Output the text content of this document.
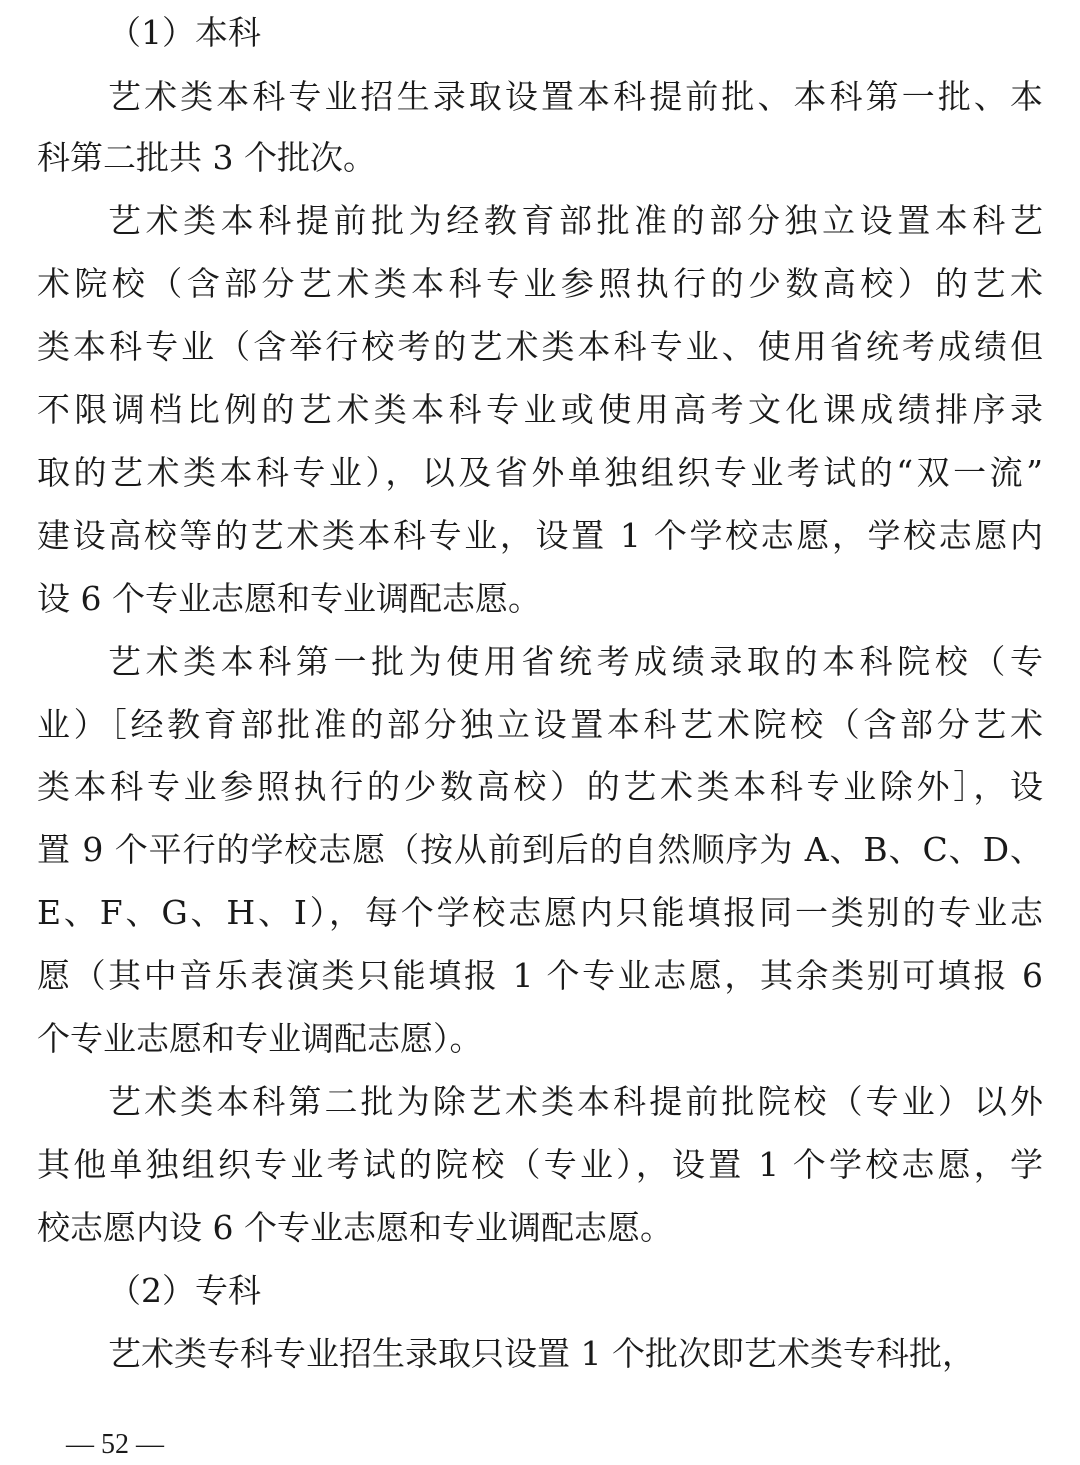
（1）本科
艺术类本科专业招生录取设置本科提前批、本科第一批、本
科第二批共 3 个批次。
艺术类本科提前批为经教育部批准的部分独立设置本科艺
术院校（含部分艺术类本科专业参照执行的少数高校）的艺术
类本科专业（含举行校考的艺术类本科专业、使用省统考成绩但
不限调档比例的艺术类本科专业或使用高考文化课成绩排序录
取的艺术类本科专业），以及省外单独组织专业考试的“双一流”
建设高校等的艺术类本科专业，设置 1 个学校志愿，学校志愿内
设 6 个专业志愿和专业调配志愿。
艺术类本科第一批为使用省统考成绩录取的本科院校（专
业）［经教育部批准的部分独立设置本科艺术院校（含部分艺术
类本科专业参照执行的少数高校）的艺术类本科专业除外］，设
置 9 个平行的学校志愿（按从前到后的自然顺序为 A、B、C、D、
E、F、G、H、I），每个学校志愿内只能填报同一类别的专业志
愿（其中音乐表演类只能填报 1 个专业志愿，其余类别可填报 6
个专业志愿和专业调配志愿）。
艺术类本科第二批为除艺术类本科提前批院校（专业）以外
其他单独组织专业考试的院校（专业），设置 1 个学校志愿，学
校志愿内设 6 个专业志愿和专业调配志愿。
（2）专科
艺术类专科专业招生录取只设置 1 个批次即艺术类专科批，
— 52 —
